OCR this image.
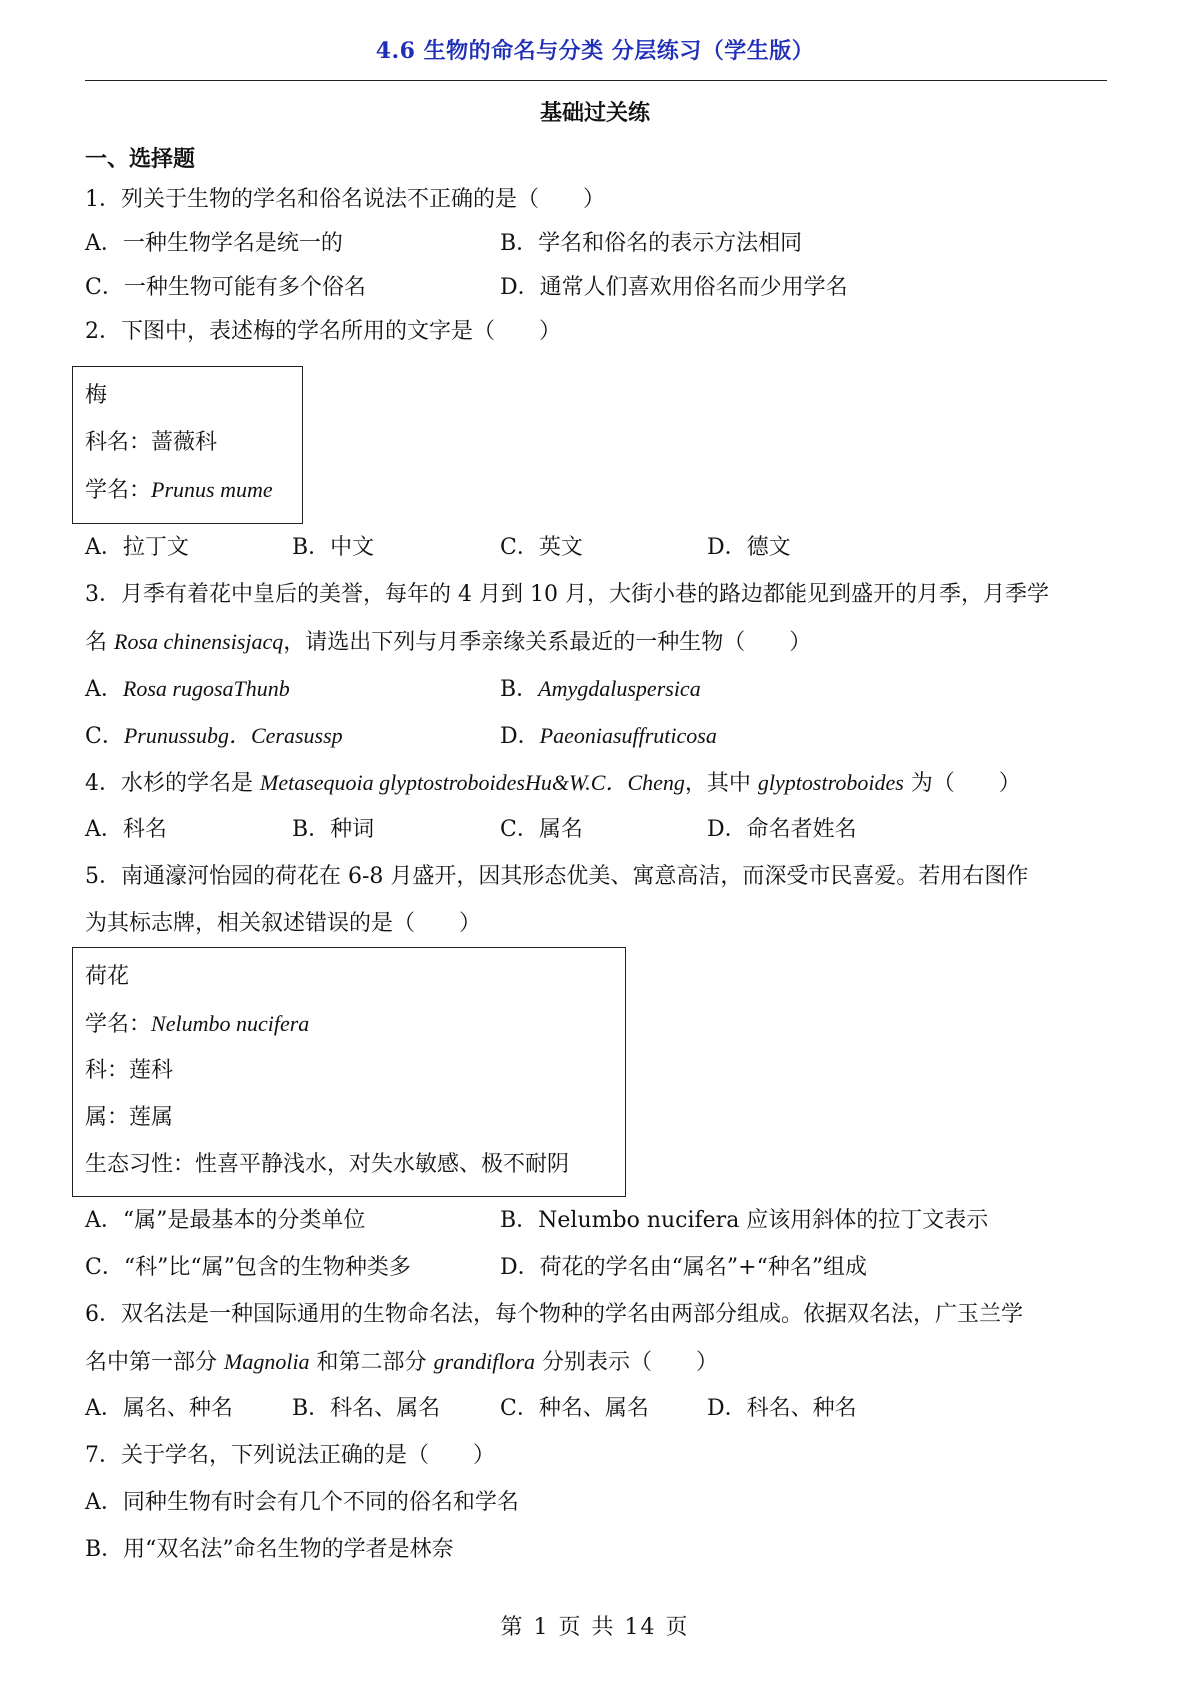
4.6 生物的命名与分类 分层练习（学生版）
基础过关练
一、选择题
1．列关于生物的学名和俗名说法不正确的是（　　）
A．一种生物学名是统一的	B．学名和俗名的表示方法相同
C．一种生物可能有多个俗名	D．通常人们喜欢用俗名而少用学名
2．下图中，表述梅的学名所用的文字是（　　）
梅
科名：蔷薇科
学名：Prunus mume
A．拉丁文	B．中文	C．英文	D．德文
3．月季有着花中皇后的美誉，每年的 4 月到 10 月，大街小巷的路边都能见到盛开的月季，月季学
名 Rosa chinensisjacq，请选出下列与月季亲缘关系最近的一种生物（　　）
A．Rosa rugosaThunb	B．Amygdaluspersica
C．Prunussubg．Cerasussp	D．Paeoniasuffruticosa
4．水杉的学名是 Metasequoia glyptostroboidesHu&W.C．Cheng，其中 glyptostroboides 为（　　）
A．科名	B．种词	C．属名	D．命名者姓名
5．南通濠河怡园的荷花在 6-8 月盛开，因其形态优美、寓意高洁，而深受市民喜爱。若用右图作
为其标志牌，相关叙述错误的是（　　）
荷花
学名：Nelumbo nucifera
科：莲科
属：莲属
生态习性：性喜平静浅水，对失水敏感、极不耐阴
A．“属”是最基本的分类单位	B．Nelumbo nucifera 应该用斜体的拉丁文表示
C．“科”比“属”包含的生物种类多	D．荷花的学名由“属名”+“种名”组成
6．双名法是一种国际通用的生物命名法，每个物种的学名由两部分组成。依据双名法，广玉兰学
名中第一部分 Magnolia 和第二部分 grandiflora 分别表示（　　）
A．属名、种名	B．科名、属名	C．种名、属名	D．科名、种名
7．关于学名，下列说法正确的是（　　）
A．同种生物有时会有几个不同的俗名和学名
B．用“双名法”命名生物的学者是林奈
第 1 页 共 14 页
